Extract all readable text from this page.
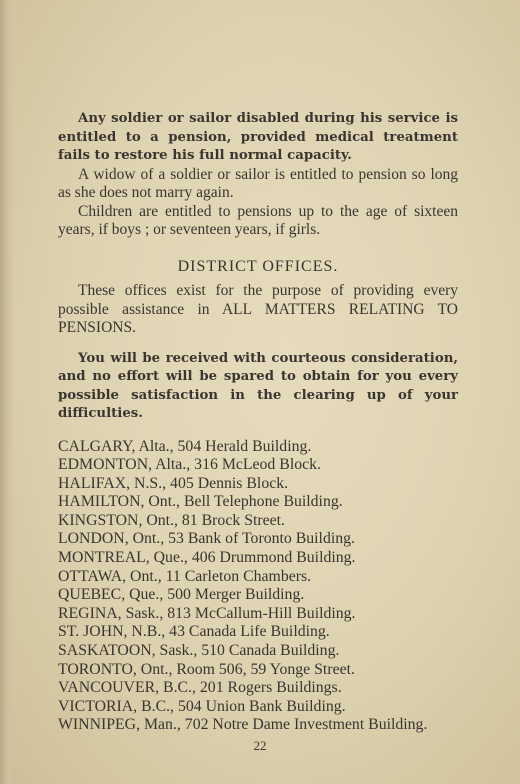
Any soldier or sailor disabled during his service is entitled to a pension, provided medical treatment fails to restore his full normal capacity.

A widow of a soldier or sailor is entitled to pension so long as she does not marry again.

Children are entitled to pensions up to the age of sixteen years, if boys ; or seventeen years, if girls.

DISTRICT OFFICES.

These offices exist for the purpose of providing every possible assistance in ALL MATTERS RELATING TO PENSIONS.

You will be received with courteous consideration, and no effort will be spared to obtain for you every possible satisfaction in the clearing up of your difficulties.

CALGARY, Alta., 504 Herald Building.
EDMONTON, Alta., 316 McLeod Block.
HALIFAX, N.S., 405 Dennis Block.
HAMILTON, Ont., Bell Telephone Building.
KINGSTON, Ont., 81 Brock Street.
LONDON, Ont., 53 Bank of Toronto Building.
MONTREAL, Que., 406 Drummond Building.
OTTAWA, Ont., 11 Carleton Chambers.
QUEBEC, Que., 500 Merger Building.
REGINA, Sask., 813 McCallum-Hill Building.
ST. JOHN, N.B., 43 Canada Life Building.
SASKATOON, Sask., 510 Canada Building.
TORONTO, Ont., Room 506, 59 Yonge Street.
VANCOUVER, B.C., 201 Rogers Buildings.
VICTORIA, B.C., 504 Union Bank Building.
WINNIPEG, Man., 702 Notre Dame Investment Building.
22
